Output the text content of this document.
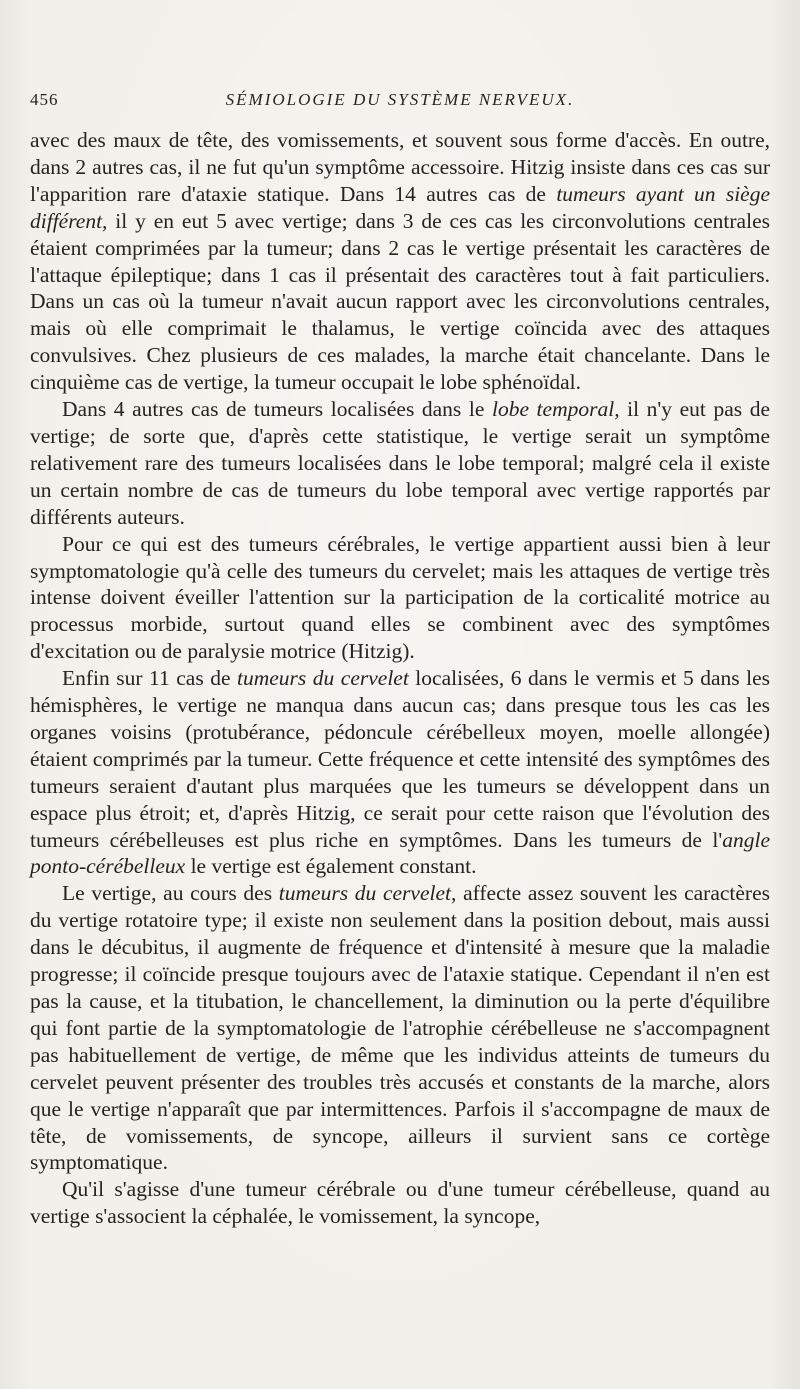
456	SÉMIOLOGIE DU SYSTÈME NERVEUX.

avec des maux de tête, des vomissements, et souvent sous forme d'accès. En outre, dans 2 autres cas, il ne fut qu'un symptôme accessoire. Hitzig insiste dans ces cas sur l'apparition rare d'ataxie statique. Dans 14 autres cas de tumeurs ayant un siège différent, il y en eut 5 avec vertige; dans 3 de ces cas les circonvolutions centrales étaient comprimées par la tumeur; dans 2 cas le vertige présentait les caractères de l'attaque épileptique; dans 1 cas il présentait des caractères tout à fait particuliers. Dans un cas où la tumeur n'avait aucun rapport avec les circonvolutions centrales, mais où elle comprimait le thalamus, le vertige coïncida avec des attaques convulsives. Chez plusieurs de ces malades, la marche était chancelante. Dans le cinquième cas de vertige, la tumeur occupait le lobe sphénoïdal.

Dans 4 autres cas de tumeurs localisées dans le lobe temporal, il n'y eut pas de vertige; de sorte que, d'après cette statistique, le vertige serait un symptôme relativement rare des tumeurs localisées dans le lobe temporal; malgré cela il existe un certain nombre de cas de tumeurs du lobe temporal avec vertige rapportés par différents auteurs.

Pour ce qui est des tumeurs cérébrales, le vertige appartient aussi bien à leur symptomatologie qu'à celle des tumeurs du cervelet; mais les attaques de vertige très intense doivent éveiller l'attention sur la participation de la corticalité motrice au processus morbide, surtout quand elles se combinent avec des symptômes d'excitation ou de paralysie motrice (Hitzig).

Enfin sur 11 cas de tumeurs du cervelet localisées, 6 dans le vermis et 5 dans les hémisphères, le vertige ne manqua dans aucun cas; dans presque tous les cas les organes voisins (protubérance, pédoncule cérébelleux moyen, moelle allongée) étaient comprimés par la tumeur. Cette fréquence et cette intensité des symptômes des tumeurs seraient d'autant plus marquées que les tumeurs se développent dans un espace plus étroit; et, d'après Hitzig, ce serait pour cette raison que l'évolution des tumeurs cérébelleuses est plus riche en symptômes. Dans les tumeurs de l'angle ponto-cérébelleux le vertige est également constant.

Le vertige, au cours des tumeurs du cervelet, affecte assez souvent les caractères du vertige rotatoire type; il existe non seulement dans la position debout, mais aussi dans le décubitus, il augmente de fréquence et d'intensité à mesure que la maladie progresse; il coïncide presque toujours avec de l'ataxie statique. Cependant il n'en est pas la cause, et la titubation, le chancellement, la diminution ou la perte d'équilibre qui font partie de la symptomatologie de l'atrophie cérébelleuse ne s'accompagnent pas habituellement de vertige, de même que les individus atteints de tumeurs du cervelet peuvent présenter des troubles très accusés et constants de la marche, alors que le vertige n'apparaît que par intermittences. Parfois il s'accompagne de maux de tête, de vomissements, de syncope, ailleurs il survient sans ce cortège symptomatique.

Qu'il s'agisse d'une tumeur cérébrale ou d'une tumeur cérébelleuse, quand au vertige s'associent la céphalée, le vomissement, la syncope,
